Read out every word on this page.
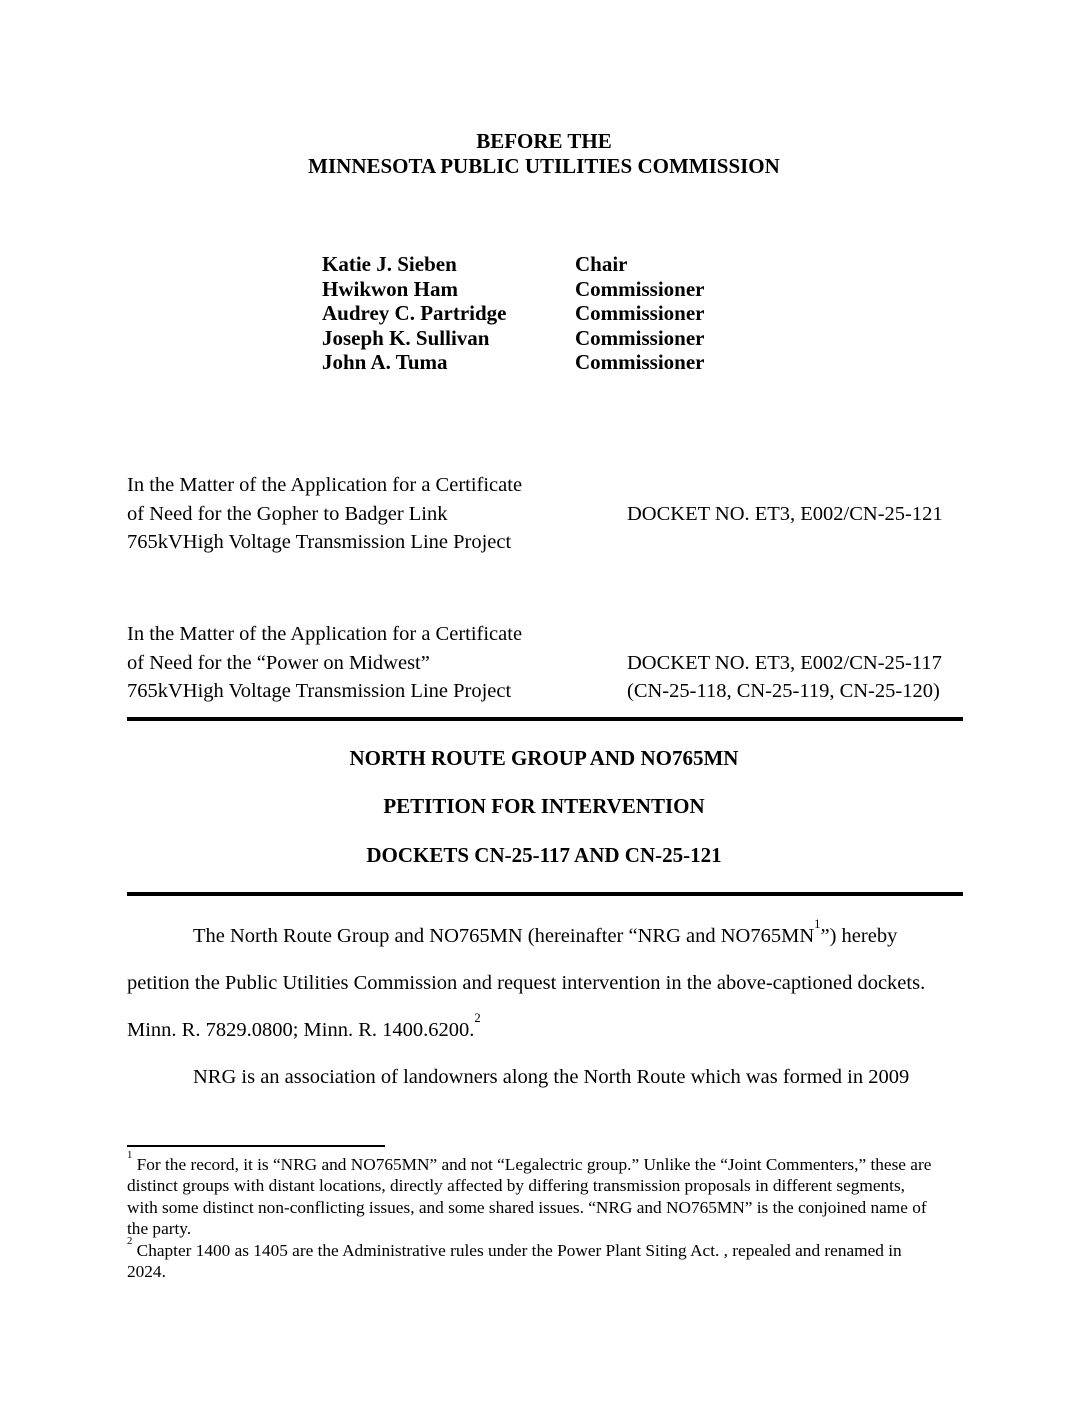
BEFORE THE
MINNESOTA PUBLIC UTILITIES COMMISSION
Katie J. Sieben	Chair
Hwikwon Ham	Commissioner
Audrey C. Partridge	Commissioner
Joseph K. Sullivan	Commissioner
John A. Tuma	Commissioner
In the Matter of the Application for a Certificate
of Need for the Gopher to Badger Link
765kVHigh Voltage Transmission Line Project
DOCKET NO. ET3, E002/CN-25-121
In the Matter of the Application for a Certificate
of Need for the “Power on Midwest”
765kVHigh Voltage Transmission Line Project
DOCKET NO. ET3, E002/CN-25-117
(CN-25-118, CN-25-119, CN-25-120)
NORTH ROUTE GROUP AND NO765MN
PETITION FOR INTERVENTION
DOCKETS CN-25-117 AND CN-25-121
The North Route Group and NO765MN (hereinafter “NRG and $NO765MN^1$”) hereby
petition the Public Utilities Commission and request intervention in the above-captioned dockets.
Minn. R. 7829.0800; Minn. R. 1400.6200.$^2$
NRG is an association of landowners along the North Route which was formed in 2009
$^1$ For the record, it is “NRG and NO765MN” and not “Legalectric group.” Unlike the “Joint Commenters,” these are
distinct groups with distant locations, directly affected by differing transmission proposals in different segments,
with some distinct non-conflicting issues, and some shared issues. “NRG and NO765MN” is the conjoined name of
the party.
$^2$ Chapter 1400 as 1405 are the Administrative rules under the Power Plant Siting Act. , repealed and renamed in
2024.
